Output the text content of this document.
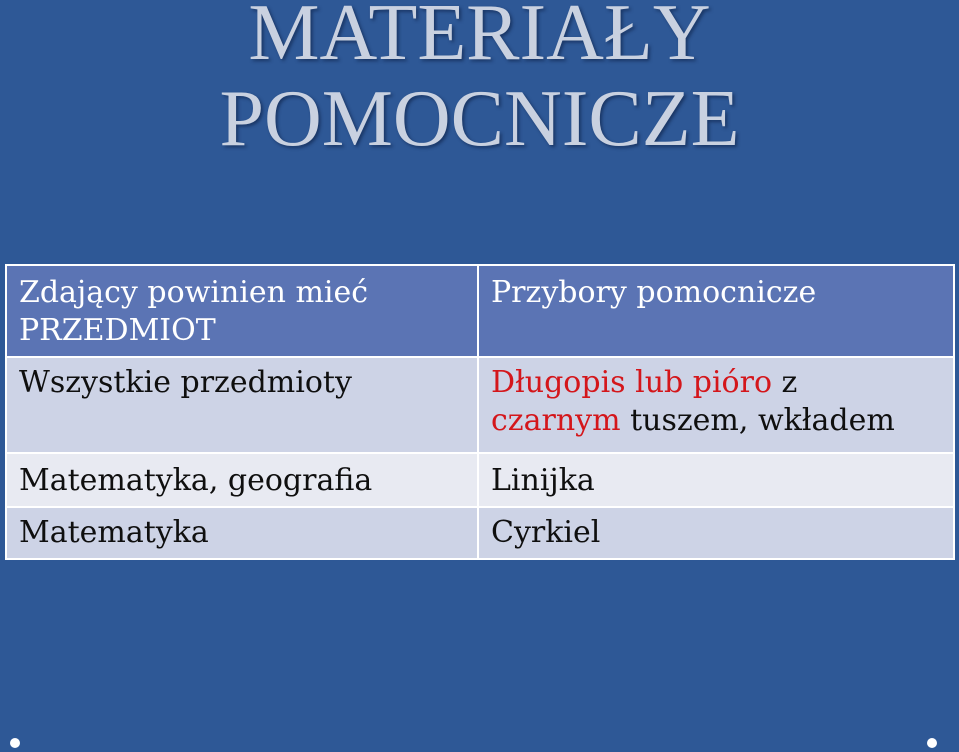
MATERIAŁY
POMOCNICZE
Zdający powinien mieć
PRZEDMIOT	Przybory pomocnicze
Wszystkie przedmioty	Długopis lub pióro z
czarnym tuszem, wkładem
Matematyka, geografia	Linijka
Matematyka	Cyrkiel
